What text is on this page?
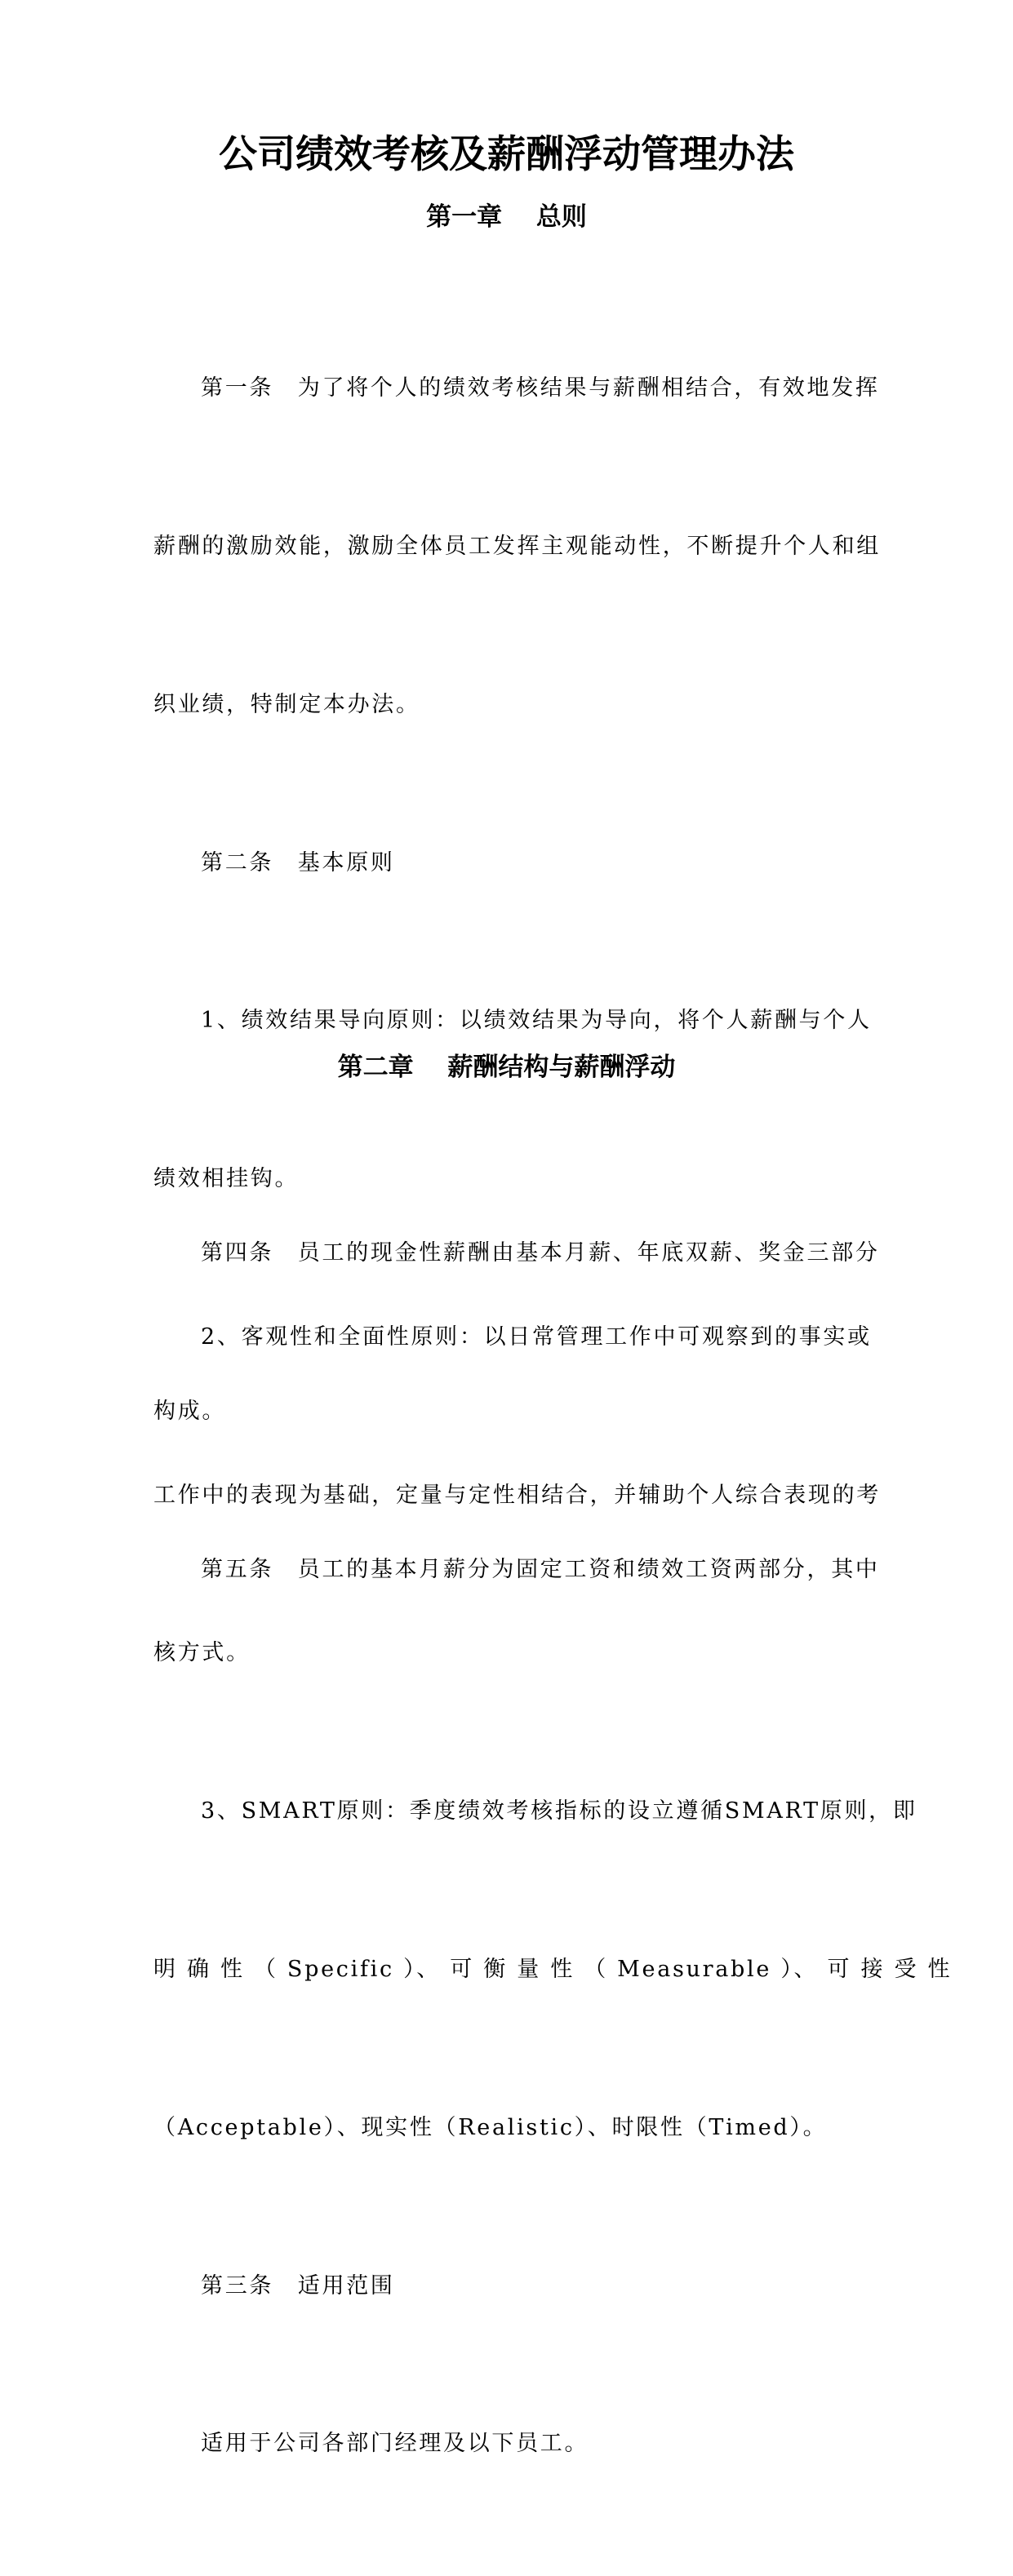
公司绩效考核及薪酬浮动管理办法
第一章　 总则

第一条　为了将个人的绩效考核结果与薪酬相结合，有效地发挥

薪酬的激励效能，激励全体员工发挥主观能动性，不断提升个人和组

织业绩，特制定本办法。

第二条　基本原则

1、绩效结果导向原则：以绩效结果为导向，将个人薪酬与个人

绩效相挂钩。

2、客观性和全面性原则：以日常管理工作中可观察到的事实或

工作中的表现为基础，定量与定性相结合，并辅助个人综合表现的考

核方式。

3、SMART原则：季度绩效考核指标的设立遵循SMART原则，即

明 确 性 （ Specific ）、 可 衡 量 性 （ Measurable ）、 可 接 受 性

（Acceptable）、现实性（Realistic）、时限性（Timed）。

第三条　适用范围

适用于公司各部门经理及以下员工。

第二章　 薪酬结构与薪酬浮动

第四条　员工的现金性薪酬由基本月薪、年底双薪、奖金三部分

构成。

第五条　员工的基本月薪分为固定工资和绩效工资两部分，其中
